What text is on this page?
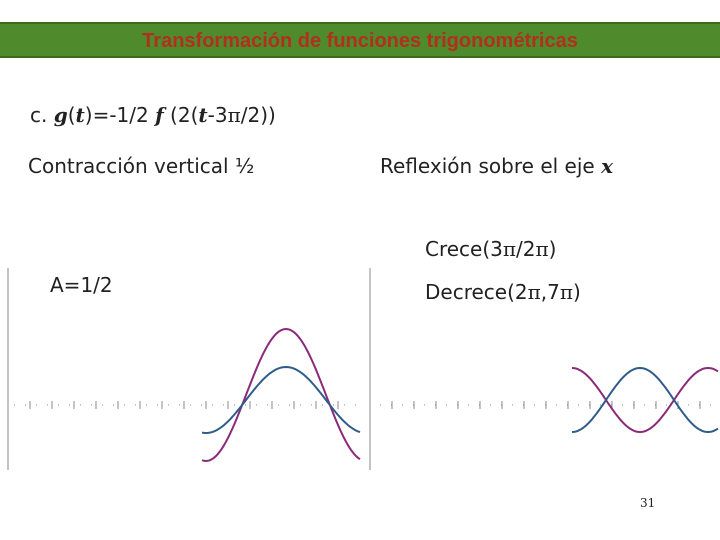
Transformación de funciones trigonométricas
c. g(t)=-1/2 f (2(t-3π/2))
Contracción vertical ½	Reflexión sobre el eje x
Crece(3π/2π)
A=1/2	Decrece(2π,7π)
31
